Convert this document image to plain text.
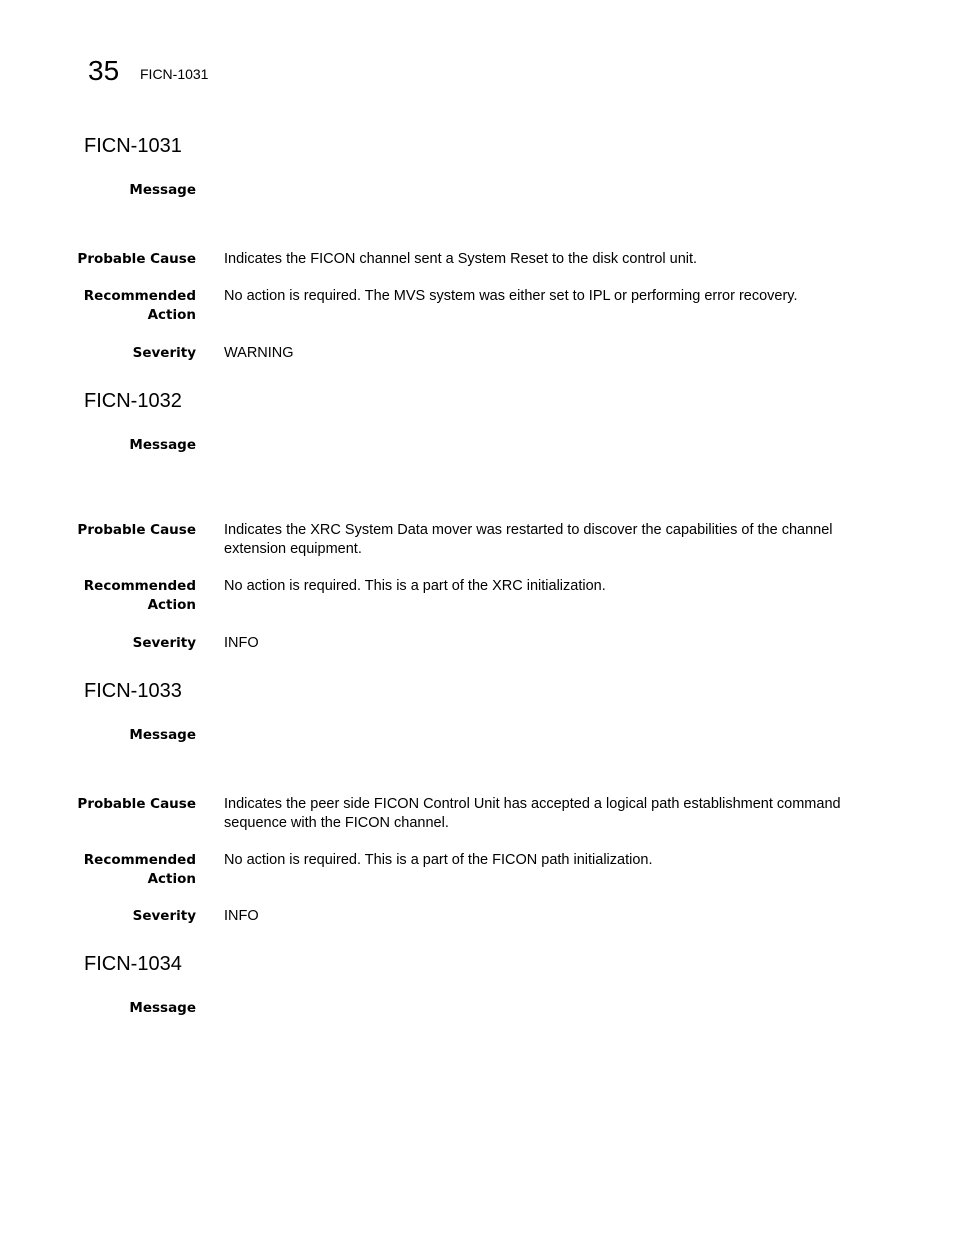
35 FICN-1031
FICN-1031
Message
Probable Cause Indicates the FICON channel sent a System Reset to the disk control unit.
Recommended
Action
No action is required. The MVS system was either set to IPL or performing error recovery.
Severity WARNING
FICN-1032
Message
Probable Cause Indicates the XRC System Data mover was restarted to discover the capabilities of the channel
extension equipment.
Recommended
Action
No action is required. This is a part of the XRC initialization.
Severity INFO
FICN-1033
Message
Probable Cause Indicates the peer side FICON Control Unit has accepted a logical path establishment command
sequence with the FICON channel.
Recommended
Action
No action is required. This is a part of the FICON path initialization.
Severity INFO
FICN-1034
Message
